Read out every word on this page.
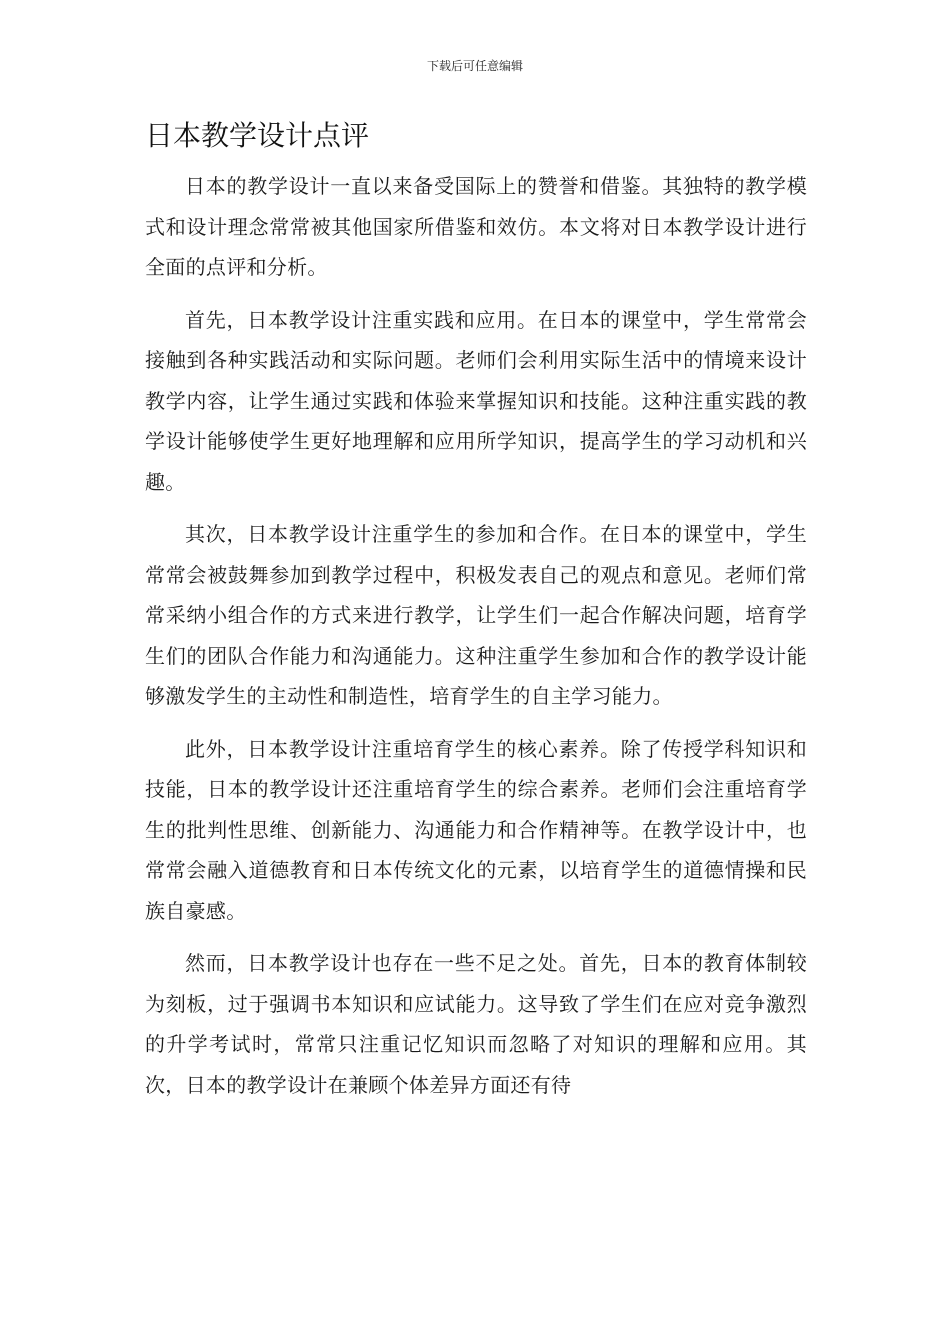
下载后可任意编辑
日本教学设计点评

日本的教学设计一直以来备受国际上的赞誉和借鉴。其独特的教学模式和设计理念常常被其他国家所借鉴和效仿。本文将对日本教学设计进行全面的点评和分析。

首先，日本教学设计注重实践和应用。在日本的课堂中，学生常常会接触到各种实践活动和实际问题。老师们会利用实际生活中的情境来设计教学内容，让学生通过实践和体验来掌握知识和技能。这种注重实践的教学设计能够使学生更好地理解和应用所学知识，提高学生的学习动机和兴趣。

其次，日本教学设计注重学生的参加和合作。在日本的课堂中，学生常常会被鼓舞参加到教学过程中，积极发表自己的观点和意见。老师们常常采纳小组合作的方式来进行教学，让学生们一起合作解决问题，培育学生们的团队合作能力和沟通能力。这种注重学生参加和合作的教学设计能够激发学生的主动性和制造性，培育学生的自主学习能力。

此外，日本教学设计注重培育学生的核心素养。除了传授学科知识和技能，日本的教学设计还注重培育学生的综合素养。老师们会注重培育学生的批判性思维、创新能力、沟通能力和合作精神等。在教学设计中，也常常会融入道德教育和日本传统文化的元素，以培育学生的道德情操和民族自豪感。

然而，日本教学设计也存在一些不足之处。首先，日本的教育体制较为刻板，过于强调书本知识和应试能力。这导致了学生们在应对竞争激烈的升学考试时，常常只注重记忆知识而忽略了对知识的理解和应用。其次，日本的教学设计在兼顾个体差异方面还有待
